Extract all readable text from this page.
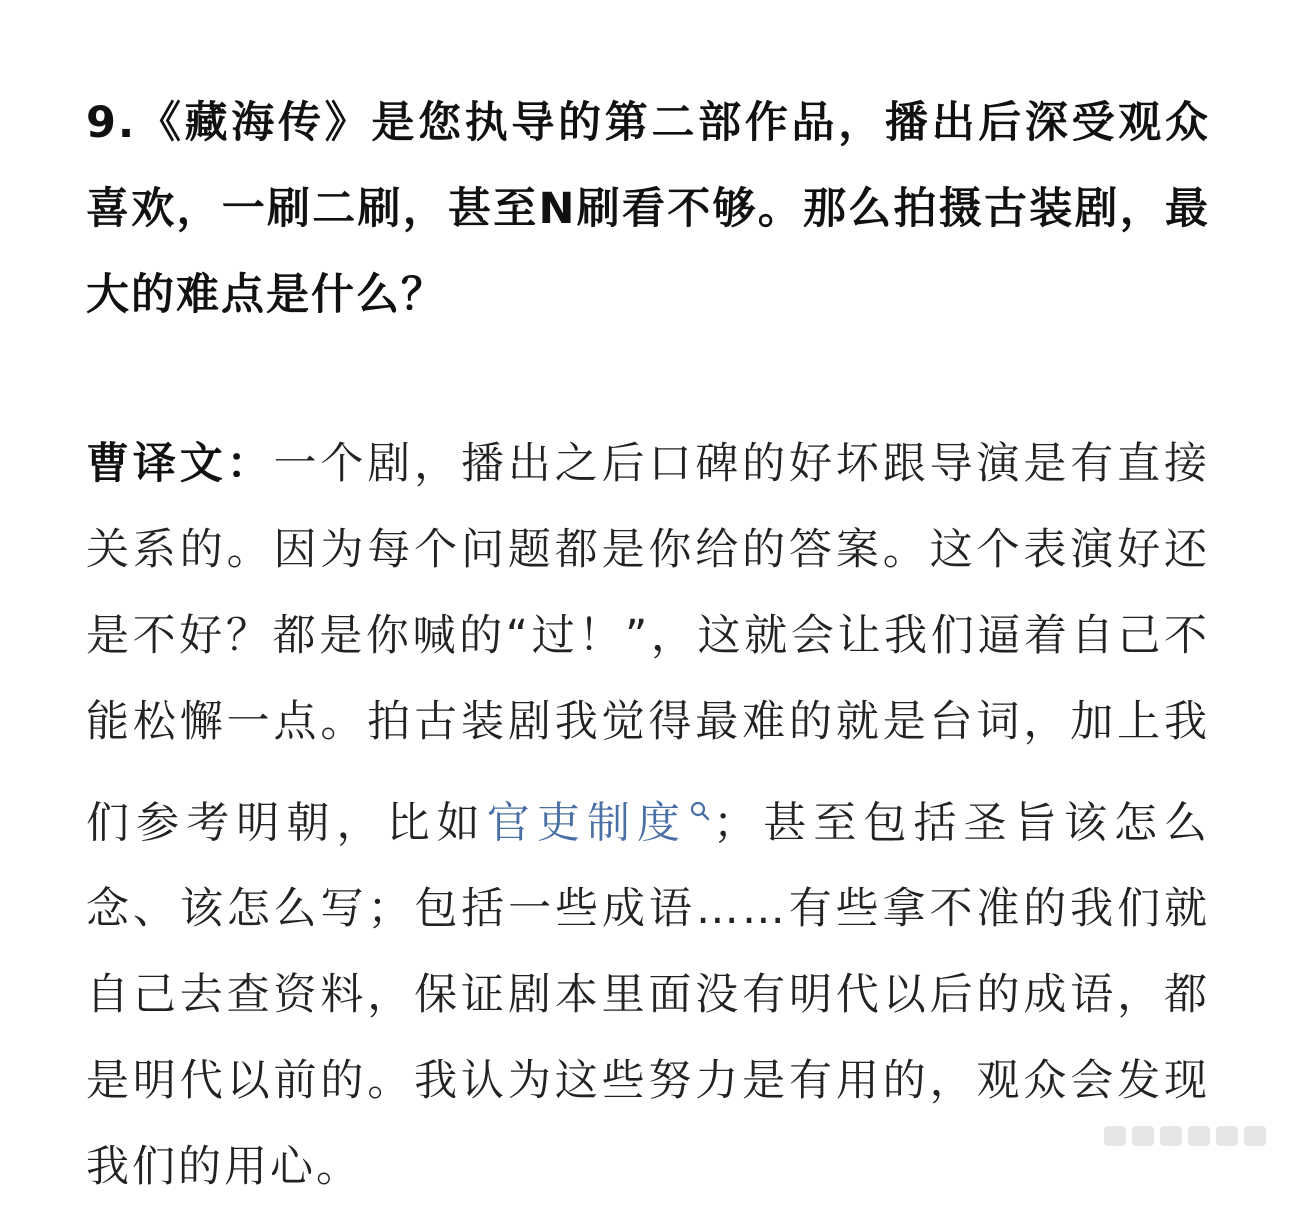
9.《藏海传》是您执导的第二部作品，播出后深受观众喜欢，一刷二刷，甚至N刷看不够。那么拍摄古装剧，最大的难点是什么？

曹译文：一个剧，播出之后口碑的好坏跟导演是有直接关系的。因为每个问题都是你给的答案。这个表演好还是不好？都是你喊的“过！”，这就会让我们逼着自己不能松懈一点。拍古装剧我觉得最难的就是台词，加上我们参考明朝，比如官吏制度 ；甚至包括圣旨该怎么念、该怎么写；包括一些成语……有些拿不准的我们就自己去查资料，保证剧本里面没有明代以后的成语，都是明代以前的。我认为这些努力是有用的，观众会发现我们的用心。
